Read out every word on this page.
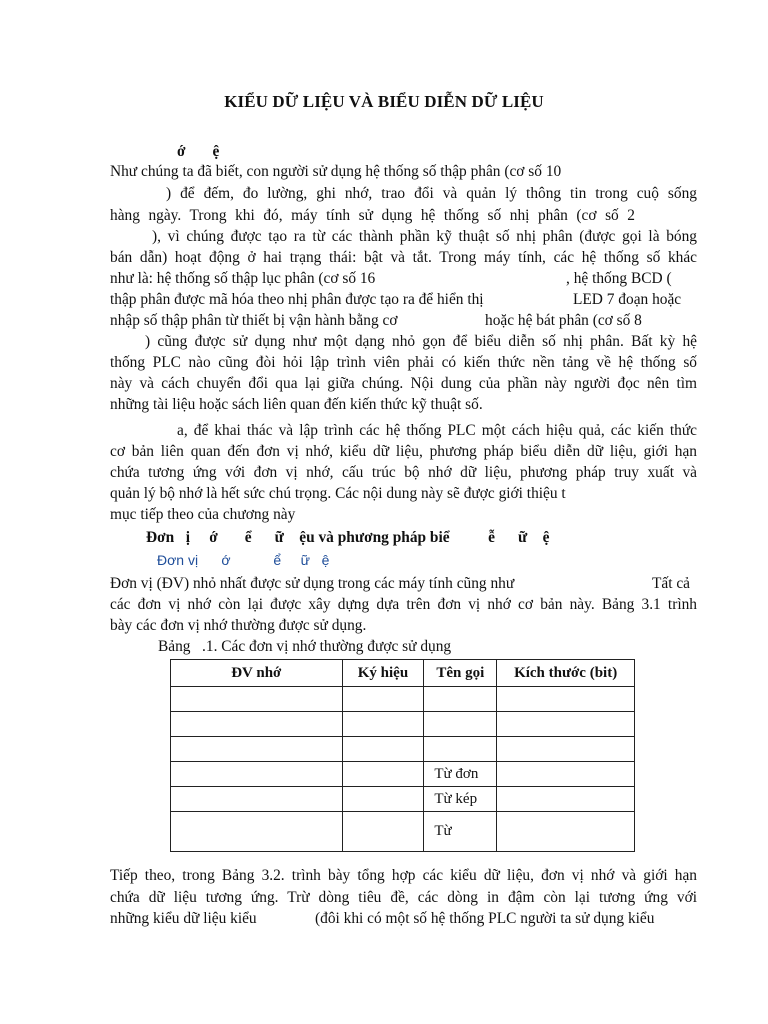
KIỂU DỮ LIỆU VÀ BIỂU DIỄN DỮ LIỆU
ớ       ệ
Như chúng ta đã biết, con người sử dụng hệ thống số thập phân (cơ số 10
) để đếm, đo lường, ghi nhớ, trao đổi và quản lý thông tin trong cuộ sống
hàng ngày. Trong khi đó, máy tính sử dụng hệ thống số nhị phân (cơ số 2
), vì chúng được tạo ra từ các thành phần kỹ thuật số nhị phân (được gọi là bóng
bán dẫn) hoạt động ở hai trạng thái: bật và tắt. Trong máy tính, các hệ thống số khác
như là: hệ thống số thập lục phân (cơ số 16	, hệ thống BCD (
thập phân được mã hóa theo nhị phân được tạo ra để hiển thị	LED 7 đoạn hoặc
nhập số thập phân từ thiết bị vận hành bằng cơ	hoặc hệ bát phân (cơ số 8
) cũng được sử dụng như một dạng nhỏ gọn để biểu diễn số nhị phân. Bất kỳ hệ
thống PLC nào cũng đòi hỏi lập trình viên phải có kiến thức nền tảng về hệ thống số
này và cách chuyển đổi qua lại giữa chúng. Nội dung của phần này người đọc nên tìm
những tài liệu hoặc sách liên quan đến kiến thức kỹ thuật số.
a, để khai thác và lập trình các hệ thống PLC một cách hiệu quả, các kiến thức
cơ bản liên quan đến đơn vị nhớ, kiểu dữ liệu, phương pháp biểu diễn dữ liệu, giới hạn
chứa tương ứng với đơn vị nhớ, cấu trúc bộ nhớ dữ liệu, phương pháp truy xuất và
quản lý bộ nhớ là hết sức chú trọng. Các nội dung này sẽ được giới thiệu t
mục tiếp theo của chương này
Đơn   ị     ớ       ể      ữ    ệu và phương pháp biể          ễ      ữ    ệ
Đơn vị      ớ           ể     ữ   ệ
Đơn vị (ĐV) nhỏ nhất được sử dụng trong các máy tính cũng như	Tất cả
các đơn vị nhớ còn lại được xây dựng dựa trên đơn vị nhớ cơ bản này. Bảng 3.1 trình
bày các đơn vị nhớ thường được sử dụng.
Bảng   .1. Các đơn vị nhớ thường được sử dụng
ĐV nhớ	Ký hiệu	Tên gọi	Kích thước (bit)

		Từ đơn	
		Từ kép	
		Từ	
Tiếp theo, trong Bảng 3.2. trình bày tổng hợp các kiểu dữ liệu, đơn vị nhớ và giới hạn
chứa dữ liệu tương ứng. Trừ dòng tiêu đề, các dòng in đậm còn lại tương ứng với
những kiểu dữ liệu kiểu	(đôi khi có một số hệ thống PLC người ta sử dụng kiểu
